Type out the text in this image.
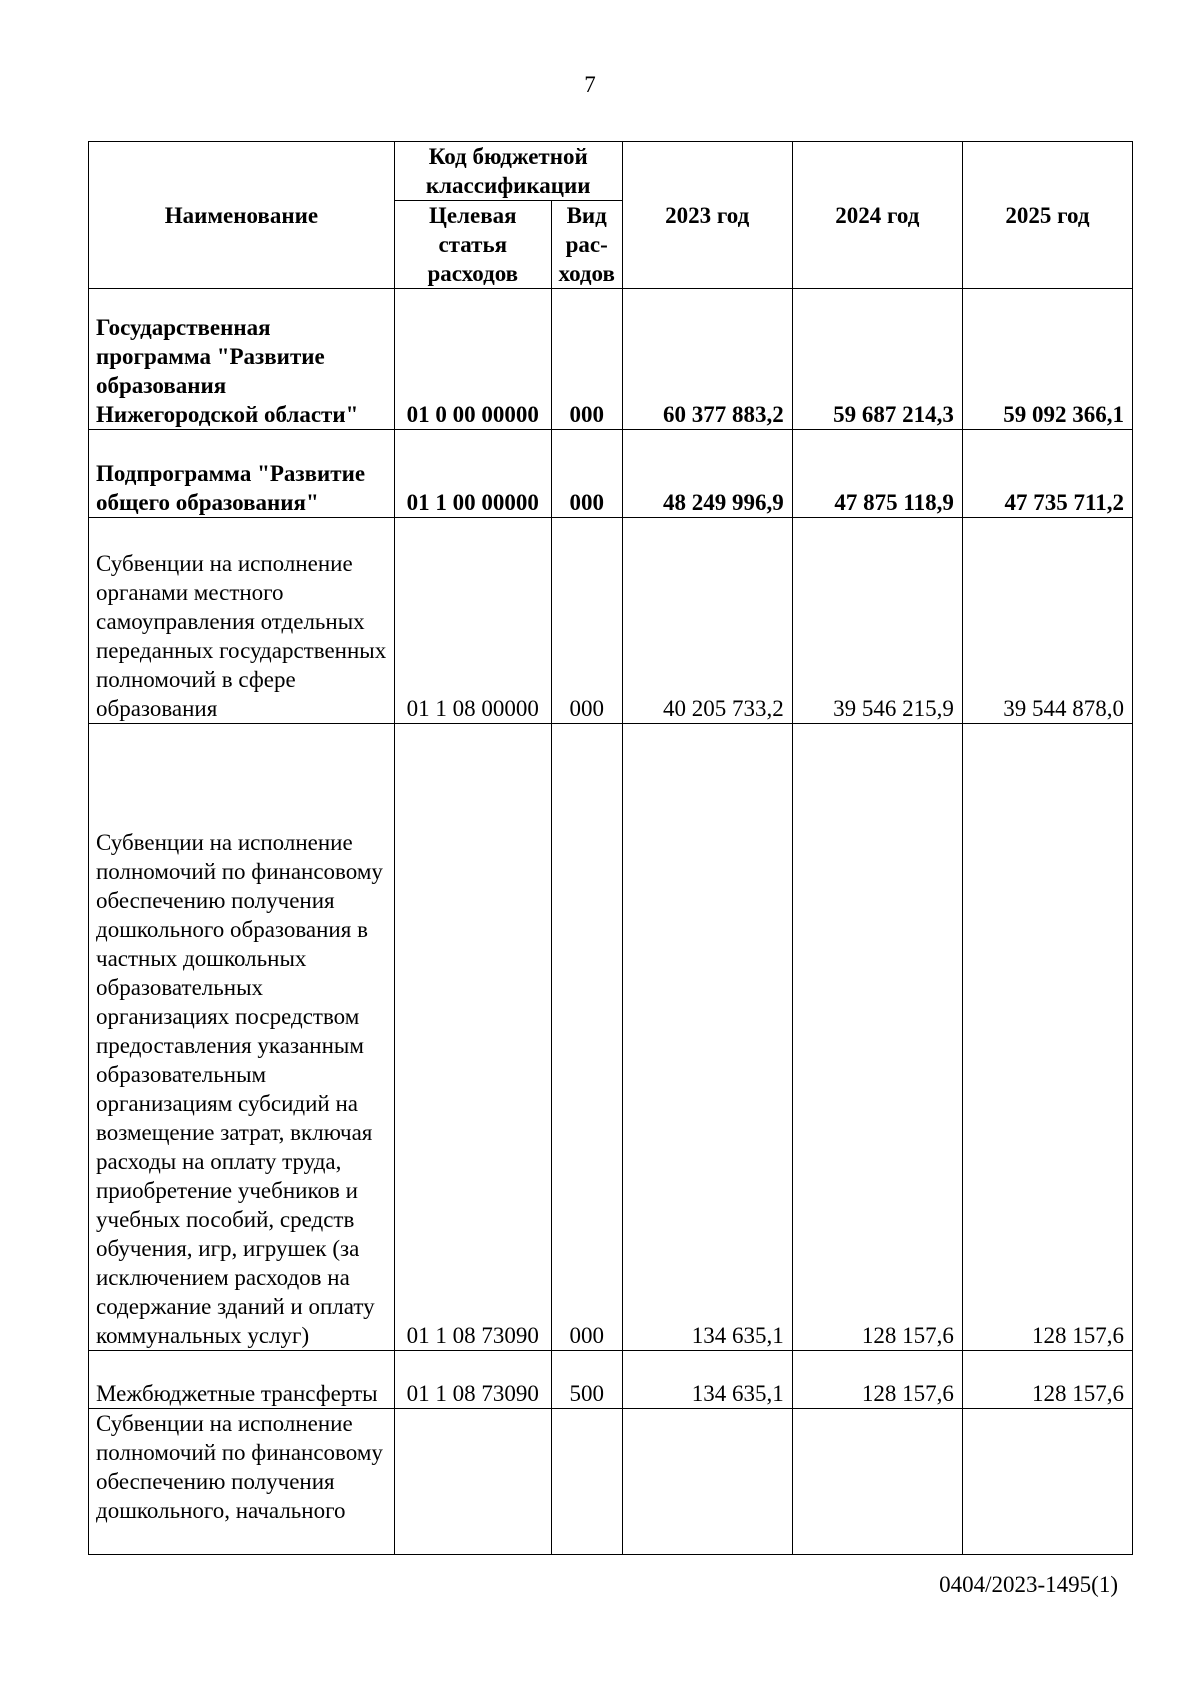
7
Наименование	Код бюджетной классификации		2023 год	2024 год	2025 год
	Целевая статья расходов	Вид рас-ходов			
Государственная программа "Развитие образования Нижегородской области"	01 0 00 00000	000	60 377 883,2	59 687 214,3	59 092 366,1
Подпрограмма "Развитие общего образования"	01 1 00 00000	000	48 249 996,9	47 875 118,9	47 735 711,2
Субвенции на исполнение органами местного самоуправления отдельных переданных государственных полномочий в сфере образования	01 1 08 00000	000	40 205 733,2	39 546 215,9	39 544 878,0
Субвенции на исполнение полномочий по финансовому обеспечению получения дошкольного образования в частных дошкольных образовательных организациях посредством предоставления указанным образовательным организациям субсидий на возмещение затрат, включая расходы на оплату труда, приобретение учебников и учебных пособий, средств обучения, игр, игрушек (за исключением расходов на содержание зданий и оплату коммунальных услуг)	01 1 08 73090	000	134 635,1	128 157,6	128 157,6
Межбюджетные трансферты	01 1 08 73090	500	134 635,1	128 157,6	128 157,6
Субвенции на исполнение полномочий по финансовому обеспечению получения дошкольного, начального					
0404/2023-1495(1)
